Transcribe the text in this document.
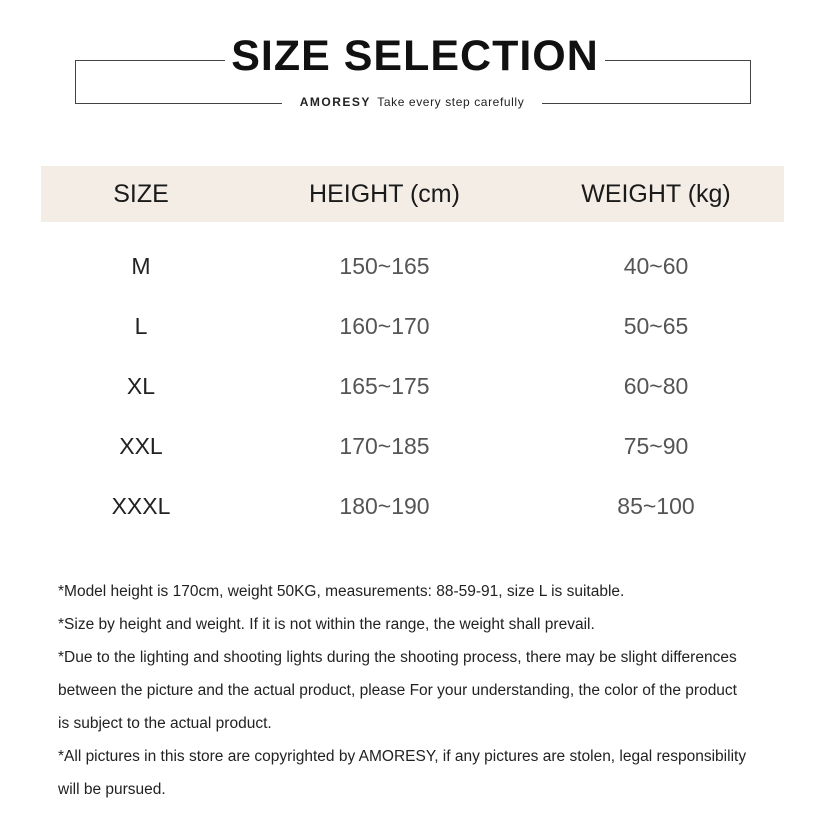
SIZE SELECTION
AMORESY Take every step carefully
SIZE	HEIGHT (cm)	WEIGHT (kg)
M	150~165	40~60
L	160~170	50~65
XL	165~175	60~80
XXL	170~185	75~90
XXXL	180~190	85~100

*Model height is 170cm, weight 50KG, measurements: 88-59-91, size L is suitable.

*Size by height and weight. If it is not within the range, the weight shall prevail.

*Due to the lighting and shooting lights during the shooting process, there may be slight differences

between the picture and the actual product, please For your understanding, the color of the product

is subject to the actual product.

*All pictures in this store are copyrighted by AMORESY, if any pictures are stolen, legal responsibility

will be pursued.
